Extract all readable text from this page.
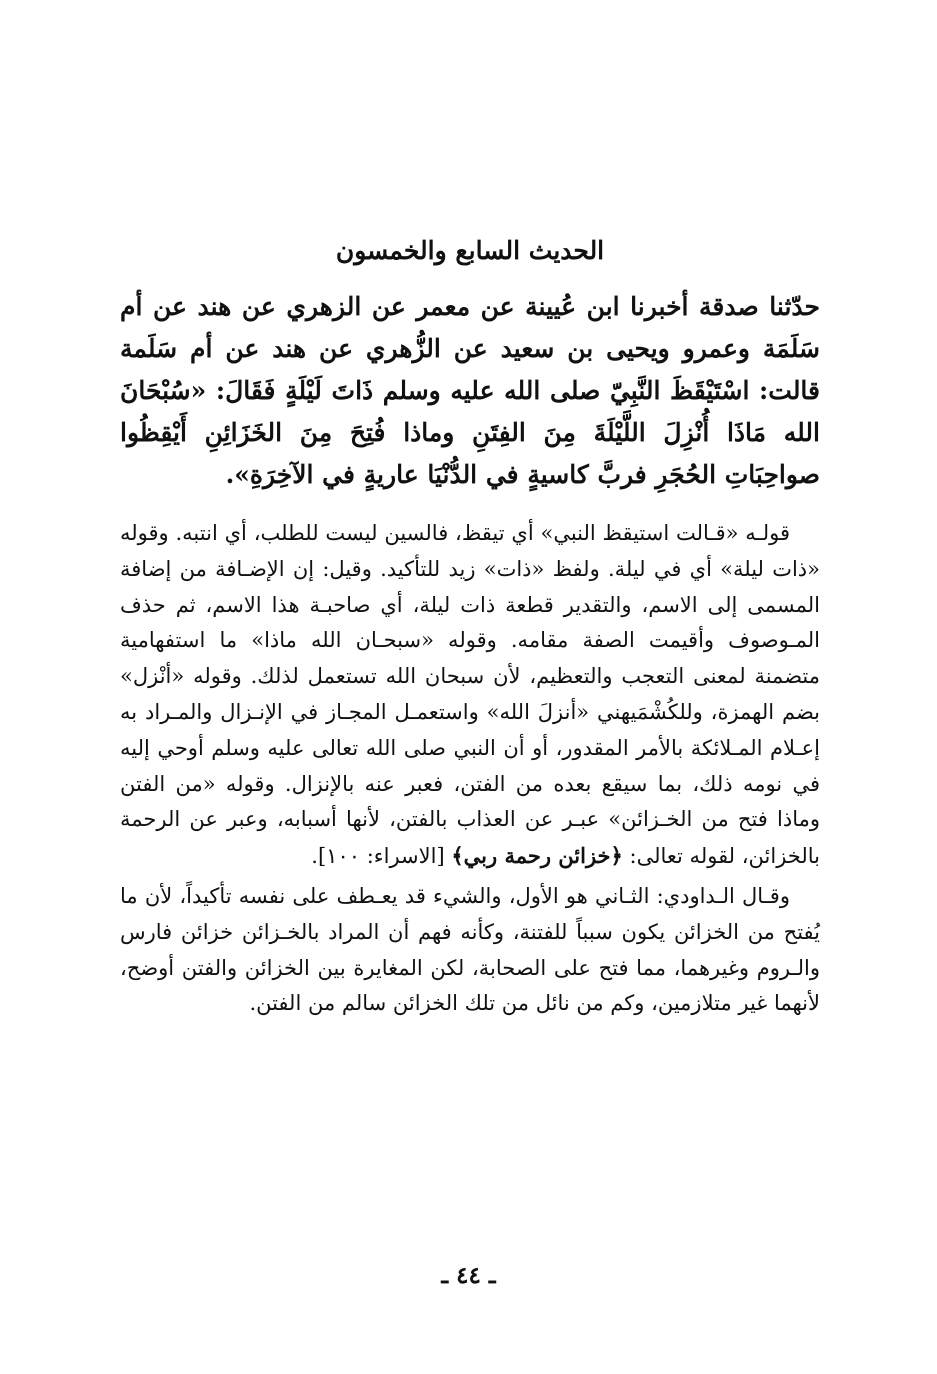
الحديث السابع والخمسون

حدّثنا صدقة أخبرنا ابن عُيينة عن معمر عن الزهري عن هند عن أم سَلَمَة وعمرو ويحيى بن سعيد عن الزُّهري عن هند عن أم سَلَمة قالت: اسْتَيْقَظَ النَّبِيّ صلى الله عليه وسلم ذَاتَ لَيْلَةٍ فَقَالَ: «سُبْحَانَ الله مَاذَا أُنْزِلَ اللَّيْلَةَ مِنَ الفِتَنِ وماذا فُتِحَ مِنَ الخَزَائِنِ أَيْقِظُوا صواحِبَاتِ الحُجَرِ فربَّ كاسيةٍ في الدُّنْيَا عاريةٍ في الآخِرَةِ».

قولـه «قـالت استيقظ النبي» أي تيقظ، فالسين ليست للطلب، أي انتبه. وقوله «ذات ليلة» أي في ليلة. ولفظ «ذات» زيد للتأكيد. وقيل: إن الإضـافة من إضافة المسمى إلى الاسم، والتقدير قطعة ذات ليلة، أي صاحبـة هذا الاسم، ثم حذف المـوصوف وأقيمت الصفة مقامه. وقوله «سبحـان الله ماذا» ما استفهامية متضمنة لمعنى التعجب والتعظيم، لأن سبحان الله تستعمل لذلك. وقوله «أنْزل» بضم الهمزة، وللكُشْمَيهني «أنزلَ الله» واستعمـل المجـاز في الإنـزال والمـراد به إعـلام المـلائكة بالأمر المقدور، أو أن النبي صلى الله تعالى عليه وسلم أوحي إليه في نومه ذلك، بما سيقع بعده من الفتن، فعبر عنه بالإنزال. وقوله «من الفتن وماذا فتح من الخـزائن» عبـر عن العذاب بالفتن، لأنها أسبابه، وعبر عن الرحمة بالخزائن، لقوله تعالى: ﴿خزائن رحمة ربي﴾ [الاسراء: ١٠٠].

وقـال الـداودي: الثـاني هو الأول، والشيء قد يعـطف على نفسه تأكيداً، لأن ما يُفتح من الخزائن يكون سبباً للفتنة، وكأنه فهم أن المراد بالخـزائن خزائن فارس والـروم وغيرهما، مما فتح على الصحابة، لكن المغايرة بين الخزائن والفتن أوضح، لأنهما غير متلازمين، وكم من نائل من تلك الخزائن سالم من الفتن.

ـ ٤٤ ـ
